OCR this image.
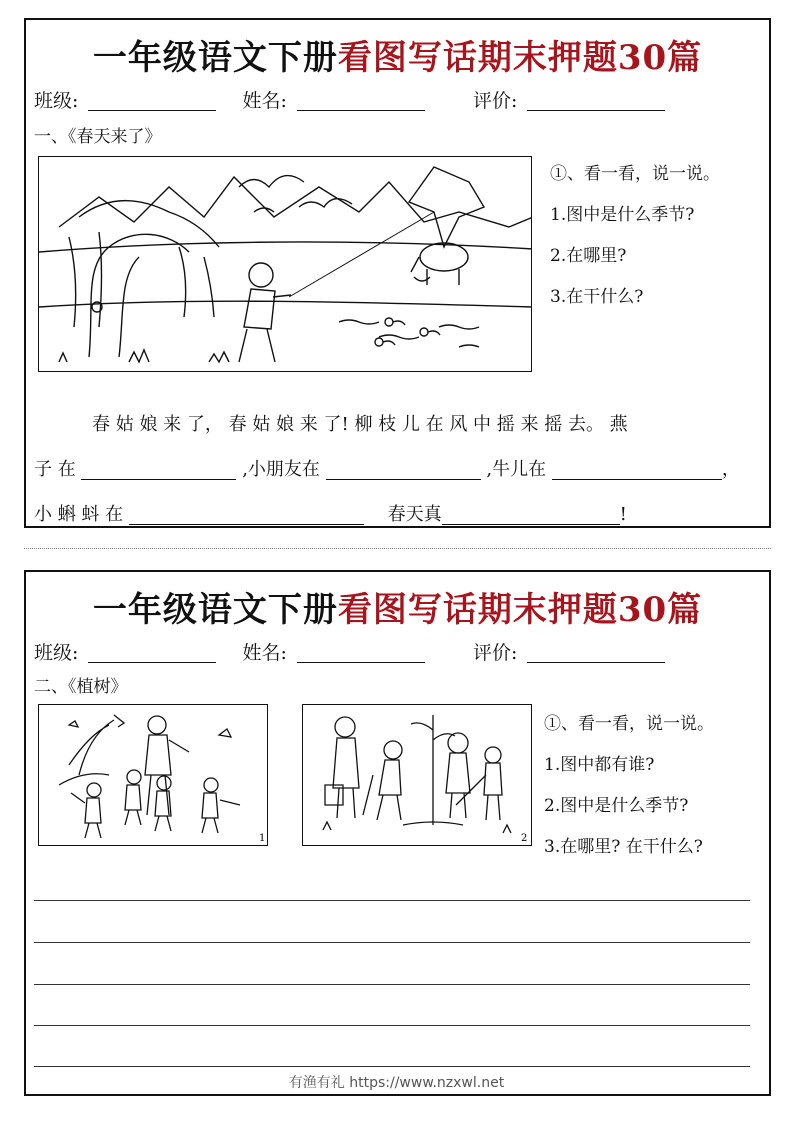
一年级语文下册看图写话期末押题30篇
班级:	姓名:	评价:
一、《春天来了》
①、看一看，说一说。
1.图中是什么季节?
2.在哪里?
3.在干什么?
春 姑 娘 来 了， 春 姑 娘 来 了! 柳 枝 儿 在 风 中 摇 来 摇 去。 燕
子 在	,小朋友在	,牛儿在	，
小 蝌 蚪 在	春天真	!
一年级语文下册看图写话期末押题30篇
班级:	姓名:	评价:
二、《植树》
1	2
①、看一看，说一说。
1.图中都有谁?
2.图中是什么季节?
3.在哪里? 在干什么?
有渔有礼 https://www.nzxwl.net
